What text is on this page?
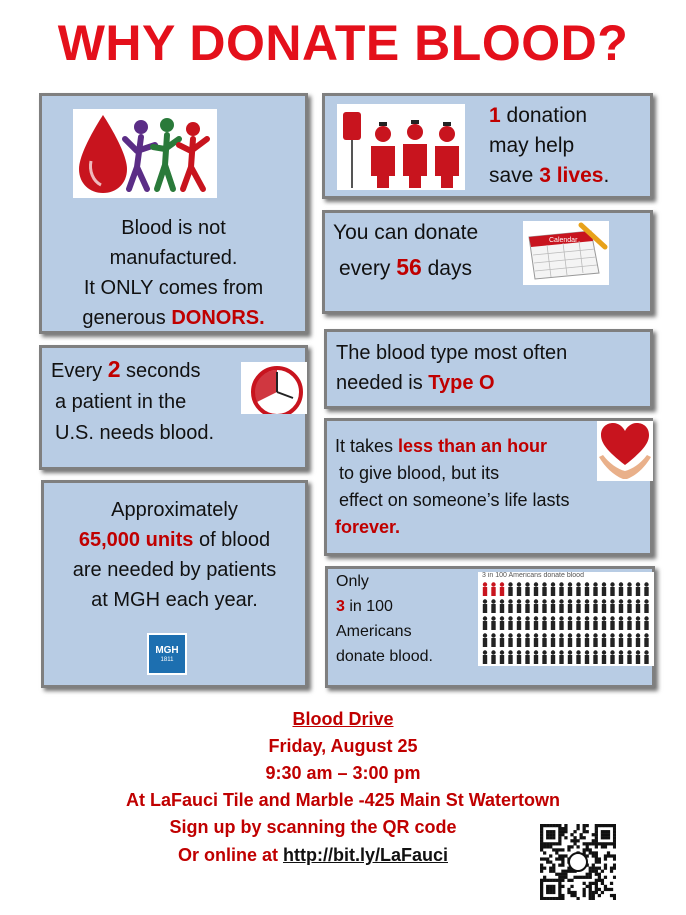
WHY DONATE BLOOD?
Blood is not
manufactured.
It ONLY comes from
generous DONORS.
1 donation
may help
save 3 lives.
You can donate
every 56 days
Calendar
Every 2 seconds
a patient in the
U.S. needs blood.
The blood type most often
needed is Type O
It takes less than an hour
to give blood, but its
effect on someone’s life lasts
forever.
Approximately
65,000 units of blood
are needed by patients
at MGH each year.
MGH
1811
Only
3 in 100
Americans
donate blood.
3 in 100 Americans donate blood
Blood Drive
Friday, August 25
9:30 am – 3:00 pm
At LaFauci Tile and Marble -425 Main St Watertown
Sign up by scanning the QR code
Or online at http://bit.ly/LaFauci
